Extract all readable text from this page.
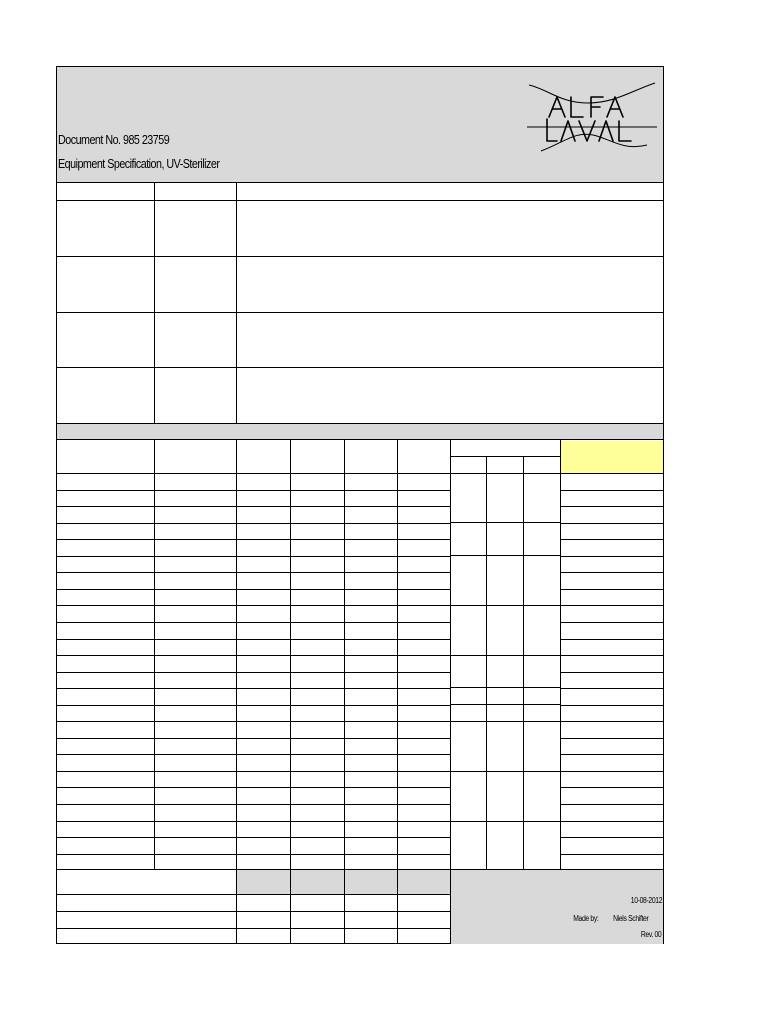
Document No. 985 23759
Equipment Specification, UV-Sterilizer
10-08-2012
Made by: Niels Schifter
Rev. 00
